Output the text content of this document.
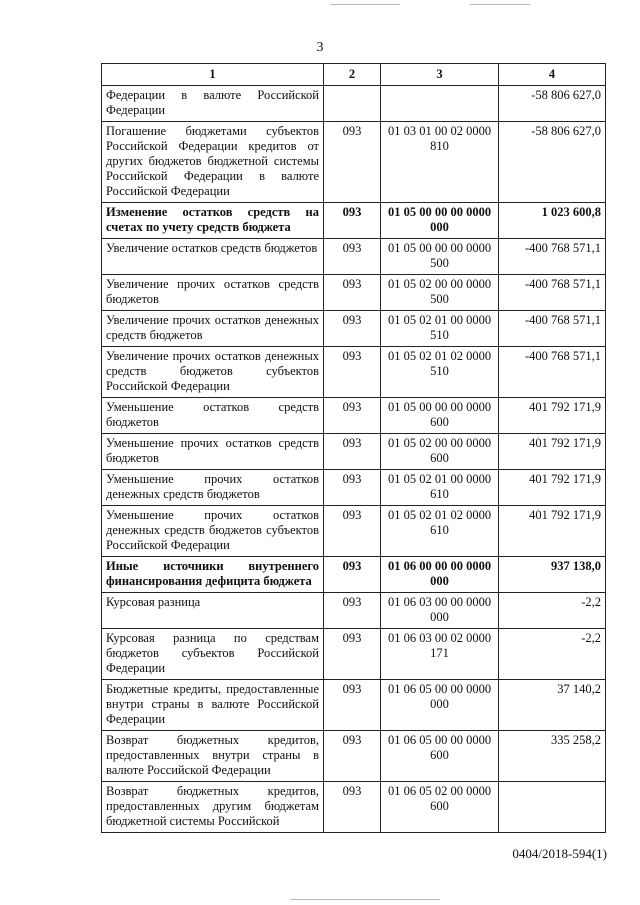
3
1	2	3	4
Федерации в валюте Российской Федерации			-58 806 627,0
Погашение бюджетами субъектов Российской Федерации кредитов от других бюджетов бюджетной системы Российской Федерации в валюте Российской Федерации	093	01 03 01 00 02 0000 810	-58 806 627,0
Изменение остатков средств на счетах по учету средств бюджета	093	01 05 00 00 00 0000 000	1 023 600,8
Увеличение остатков средств бюджетов	093	01 05 00 00 00 0000 500	-400 768 571,1
Увеличение прочих остатков средств бюджетов	093	01 05 02 00 00 0000 500	-400 768 571,1
Увеличение прочих остатков денежных средств бюджетов	093	01 05 02 01 00 0000 510	-400 768 571,1
Увеличение прочих остатков денежных средств бюджетов субъектов Российской Федерации	093	01 05 02 01 02 0000 510	-400 768 571,1
Уменьшение остатков средств бюджетов	093	01 05 00 00 00 0000 600	401 792 171,9
Уменьшение прочих остатков средств бюджетов	093	01 05 02 00 00 0000 600	401 792 171,9
Уменьшение прочих остатков денежных средств бюджетов	093	01 05 02 01 00 0000 610	401 792 171,9
Уменьшение прочих остатков денежных средств бюджетов субъектов Российской Федерации	093	01 05 02 01 02 0000 610	401 792 171,9
Иные источники внутреннего финансирования дефицита бюджета	093	01 06 00 00 00 0000 000	937 138,0
Курсовая разница	093	01 06 03 00 00 0000 000	-2,2
Курсовая разница по средствам бюджетов субъектов Российской Федерации	093	01 06 03 00 02 0000 171	-2,2
Бюджетные кредиты, предоставленные внутри страны в валюте Российской Федерации	093	01 06 05 00 00 0000 000	37 140,2
Возврат бюджетных кредитов, предоставленных внутри страны в валюте Российской Федерации	093	01 06 05 00 00 0000 600	335 258,2
Возврат бюджетных кредитов, предоставленных другим бюджетам бюджетной системы Российской	093	01 06 05 02 00 0000 600	
0404/2018-594(1)
